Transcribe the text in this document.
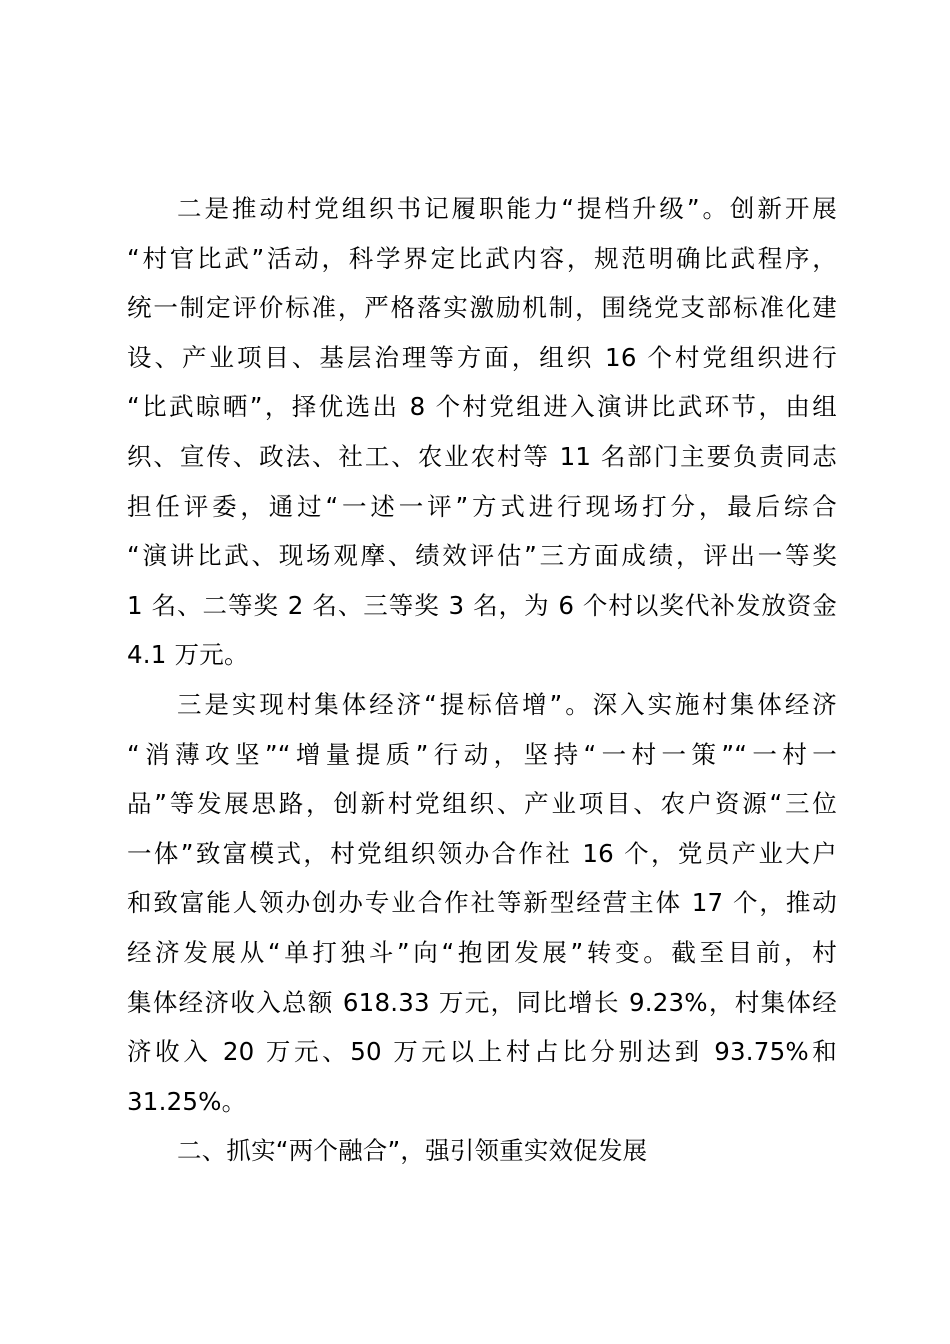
二是推动村党组织书记履职能力“提档升级”。创新开展
“村官比武”活动，科学界定比武内容，规范明确比武程序，
统一制定评价标准，严格落实激励机制，围绕党支部标准化建
设、产业项目、基层治理等方面，组织 16 个村党组织进行
“比武晾晒”，择优选出 8 个村党组进入演讲比武环节，由组
织、宣传、政法、社工、农业农村等 11 名部门主要负责同志
担任评委，通过“一述一评”方式进行现场打分，最后综合
“演讲比武、现场观摩、绩效评估”三方面成绩，评出一等奖
1 名、二等奖 2 名、三等奖 3 名，为 6 个村以奖代补发放资金
4.1 万元。
三是实现村集体经济“提标倍增”。深入实施村集体经济
“消薄攻坚”“增量提质”行动，坚持“一村一策”“一村一
品”等发展思路，创新村党组织、产业项目、农户资源“三位
一体”致富模式，村党组织领办合作社 16 个，党员产业大户
和致富能人领办创办专业合作社等新型经营主体 17 个，推动
经济发展从“单打独斗”向“抱团发展”转变。截至目前，村
集体经济收入总额 618.33 万元，同比增长 9.23%，村集体经
济收入 20 万元、50 万元以上村占比分别达到 93.75%和
31.25%。
二、抓实“两个融合”，强引领重实效促发展
